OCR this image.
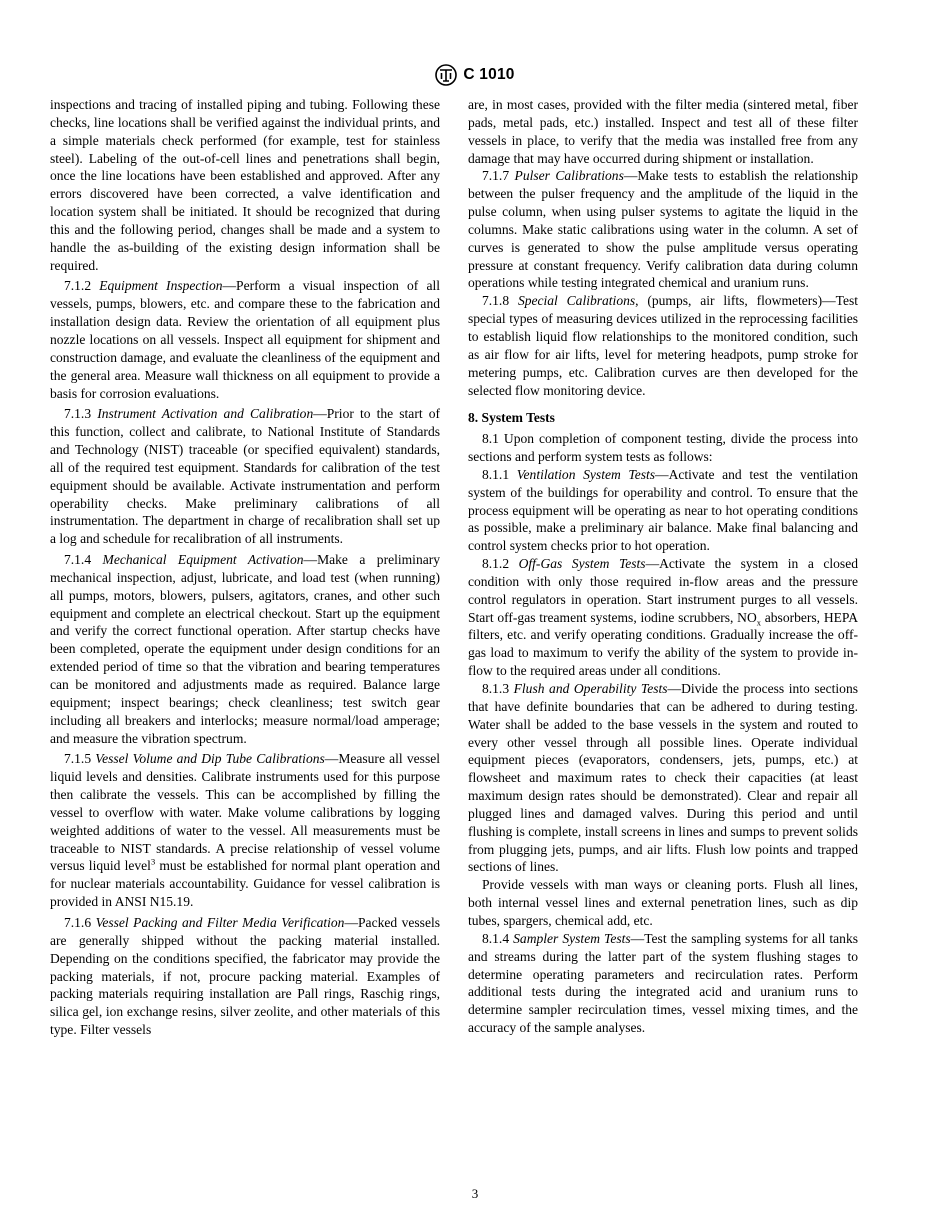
C 1010

inspections and tracing of installed piping and tubing. Following these checks, line locations shall be verified against the individual prints, and a simple materials check performed (for example, test for stainless steel). Labeling of the out-of-cell lines and penetrations shall begin, once the line locations have been established and approved. After any errors discovered have been corrected, a valve identification and location system shall be initiated. It should be recognized that during this and the following period, changes shall be made and a system to handle the as-building of the existing design information shall be required.

7.1.2 Equipment Inspection—Perform a visual inspection of all vessels, pumps, blowers, etc. and compare these to the fabrication and installation design data. Review the orientation of all equipment plus nozzle locations on all vessels. Inspect all equipment for shipment and construction damage, and evaluate the cleanliness of the equipment and the general area. Measure wall thickness on all equipment to provide a basis for corrosion evaluations.

7.1.3 Instrument Activation and Calibration—Prior to the start of this function, collect and calibrate, to National Institute of Standards and Technology (NIST) traceable (or specified equivalent) standards, all of the required test equipment. Standards for calibration of the test equipment should be available. Activate instrumentation and perform operability checks. Make preliminary calibrations of all instrumentation. The department in charge of recalibration shall set up a log and schedule for recalibration of all instruments.

7.1.4 Mechanical Equipment Activation—Make a preliminary mechanical inspection, adjust, lubricate, and load test (when running) all pumps, motors, blowers, pulsers, agitators, cranes, and other such equipment and complete an electrical checkout. Start up the equipment and verify the correct functional operation. After startup checks have been completed, operate the equipment under design conditions for an extended period of time so that the vibration and bearing temperatures can be monitored and adjustments made as required. Balance large equipment; inspect bearings; check cleanliness; test switch gear including all breakers and interlocks; measure normal/load amperage; and measure the vibration spectrum.

7.1.5 Vessel Volume and Dip Tube Calibrations—Measure all vessel liquid levels and densities. Calibrate instruments used for this purpose then calibrate the vessels. This can be accomplished by filling the vessel to overflow with water. Make volume calibrations by logging weighted additions of water to the vessel. All measurements must be traceable to NIST standards. A precise relationship of vessel volume versus liquid level$^3$ must be established for normal plant operation and for nuclear materials accountability. Guidance for vessel calibration is provided in ANSI N15.19.

7.1.6 Vessel Packing and Filter Media Verification—Packed vessels are generally shipped without the packing material installed. Depending on the conditions specified, the fabricator may provide the packing materials, if not, procure packing material. Examples of packing materials requiring installation are Pall rings, Raschig rings, silica gel, ion exchange resins, silver zeolite, and other materials of this type. Filter vessels

are, in most cases, provided with the filter media (sintered metal, fiber pads, metal pads, etc.) installed. Inspect and test all of these filter vessels in place, to verify that the media was installed free from any damage that may have occurred during shipment or installation.

7.1.7 Pulser Calibrations—Make tests to establish the relationship between the pulser frequency and the amplitude of the liquid in the pulse column, when using pulser systems to agitate the liquid in the columns. Make static calibrations using water in the column. A set of curves is generated to show the pulse amplitude versus operating pressure at constant frequency. Verify calibration data during column operations while testing integrated chemical and uranium runs.

7.1.8 Special Calibrations, (pumps, air lifts, flowmeters)—Test special types of measuring devices utilized in the reprocessing facilities to establish liquid flow relationships to the monitored condition, such as air flow for air lifts, level for metering headpots, pump stroke for metering pumps, etc. Calibration curves are then developed for the selected flow monitoring device.

8. System Tests

8.1 Upon completion of component testing, divide the process into sections and perform system tests as follows:

8.1.1 Ventilation System Tests—Activate and test the ventilation system of the buildings for operability and control. To ensure that the process equipment will be operating as near to hot operating conditions as possible, make a preliminary air balance. Make final balancing and control system checks prior to hot operation.

8.1.2 Off-Gas System Tests—Activate the system in a closed condition with only those required in-flow areas and the pressure control regulators in operation. Start instrument purges to all vessels. Start off-gas treament systems, iodine scrubbers, $NO_x$ absorbers, HEPA filters, etc. and verify operating conditions. Gradually increase the off-gas load to maximum to verify the ability of the system to provide in-flow to the required areas under all conditions.

8.1.3 Flush and Operability Tests—Divide the process into sections that have definite boundaries that can be adhered to during testing. Water shall be added to the base vessels in the system and routed to every other vessel through all possible lines. Operate individual equipment pieces (evaporators, condensers, jets, pumps, etc.) at flowsheet and maximum rates to check their capacities (at least maximum design rates should be demonstrated). Clear and repair all plugged lines and damaged valves. During this period and until flushing is complete, install screens in lines and sumps to prevent solids from plugging jets, pumps, and air lifts. Flush low points and trapped sections of lines.

Provide vessels with man ways or cleaning ports. Flush all lines, both internal vessel lines and external penetration lines, such as dip tubes, spargers, chemical add, etc.

8.1.4 Sampler System Tests—Test the sampling systems for all tanks and streams during the latter part of the system flushing stages to determine operating parameters and recirculation rates. Perform additional tests during the integrated acid and uranium runs to determine sampler recirculation times, vessel mixing times, and the accuracy of the sample analyses.

3
